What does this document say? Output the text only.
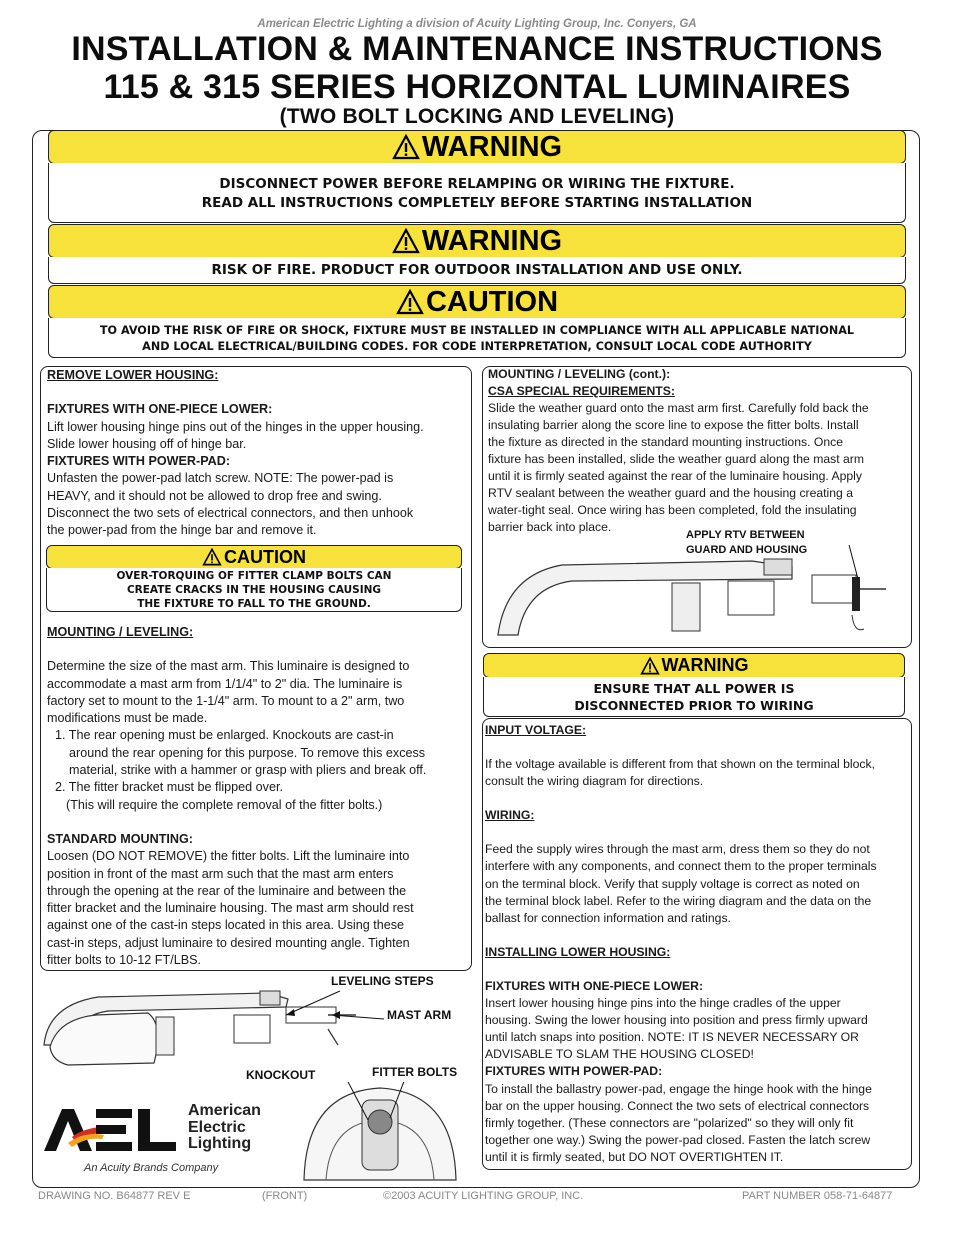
American Electric Lighting a division of Acuity Lighting Group, Inc. Conyers, GA
INSTALLATION & MAINTENANCE INSTRUCTIONS
115 & 315 SERIES HORIZONTAL LUMINAIRES
(TWO BOLT LOCKING AND LEVELING)
WARNING
DISCONNECT POWER BEFORE RELAMPING OR WIRING THE FIXTURE.
READ ALL INSTRUCTIONS COMPLETELY BEFORE STARTING INSTALLATION
WARNING
RISK OF FIRE. PRODUCT FOR OUTDOOR INSTALLATION AND USE ONLY.
CAUTION
TO AVOID THE RISK OF FIRE OR SHOCK, FIXTURE MUST BE INSTALLED IN COMPLIANCE WITH ALL APPLICABLE NATIONAL
AND LOCAL ELECTRICAL/BUILDING CODES. FOR CODE INTERPRETATION, CONSULT LOCAL CODE AUTHORITY
REMOVE LOWER HOUSING:
FIXTURES WITH ONE-PIECE LOWER:
Lift lower housing hinge pins out of the hinges in the upper housing.
Slide lower housing off of hinge bar.
FIXTURES WITH POWER-PAD:
Unfasten the power-pad latch screw. NOTE: The power-pad is
HEAVY, and it should not be allowed to drop free and swing.
Disconnect the two sets of electrical connectors, and then unhook
the power-pad from the hinge bar and remove it.
CAUTION
OVER-TORQUING OF FITTER CLAMP BOLTS CAN
CREATE CRACKS IN THE HOUSING CAUSING
THE FIXTURE TO FALL TO THE GROUND.
MOUNTING / LEVELING:
Determine the size of the mast arm. This luminaire is designed to
accommodate a mast arm from 1/1/4" to 2" dia. The luminaire is
factory set to mount to the 1-1/4" arm. To mount to a 2" arm, two
modifications must be made.
1. The rear opening must be enlarged. Knockouts are cast-in
around the rear opening for this purpose. To remove this excess
material, strike with a hammer or grasp with pliers and break off.
2. The fitter bracket must be flipped over.
(This will require the complete removal of the fitter bolts.)
STANDARD MOUNTING:
Loosen (DO NOT REMOVE) the fitter bolts. Lift the luminaire into
position in front of the mast arm such that the mast arm enters
through the opening at the rear of the luminaire and between the
fitter bracket and the luminaire housing. The mast arm should rest
against one of the cast-in steps located in this area. Using these
cast-in steps, adjust luminaire to desired mounting angle. Tighten
fitter bolts to 10-12 FT/LBS.
LEVELING STEPS
MAST ARM
KNOCKOUT	FITTER BOLTS
American
Electric
Lighting
An Acuity Brands Company
MOUNTING / LEVELING (cont.):
CSA SPECIAL REQUIREMENTS:
Slide the weather guard onto the mast arm first. Carefully fold back the
insulating barrier along the score line to expose the fitter bolts. Install
the fixture as directed in the standard mounting instructions. Once
fixture has been installed, slide the weather guard along the mast arm
until it is firmly seated against the rear of the luminaire housing. Apply
RTV sealant between the weather guard and the housing creating a
water-tight seal. Once wiring has been completed, fold the insulating
barrier back into place.
APPLY RTV BETWEEN
GUARD AND HOUSING
WARNING
ENSURE THAT ALL POWER IS
DISCONNECTED PRIOR TO WIRING
INPUT VOLTAGE:
If the voltage available is different from that shown on the terminal block,
consult the wiring diagram for directions.
WIRING:
Feed the supply wires through the mast arm, dress them so they do not
interfere with any components, and connect them to the proper terminals
on the terminal block. Verify that supply voltage is correct as noted on
the terminal block label. Refer to the wiring diagram and the data on the
ballast for connection information and ratings.
INSTALLING LOWER HOUSING:
FIXTURES WITH ONE-PIECE LOWER:
Insert lower housing hinge pins into the hinge cradles of the upper
housing. Swing the lower housing into position and press firmly upward
until latch snaps into position. NOTE: IT IS NEVER NECESSARY OR
ADVISABLE TO SLAM THE HOUSING CLOSED!
FIXTURES WITH POWER-PAD:
To install the ballastry power-pad, engage the hinge hook with the hinge
bar on the upper housing. Connect the two sets of electrical connectors
firmly together. (These connectors are "polarized" so they will only fit
together one way.) Swing the power-pad closed. Fasten the latch screw
until it is firmly seated, but DO NOT OVERTIGHTEN IT.
DRAWING NO. B64877 REV E	(FRONT)	©2003 ACUITY LIGHTING GROUP, INC.	PART NUMBER 058-71-64877
